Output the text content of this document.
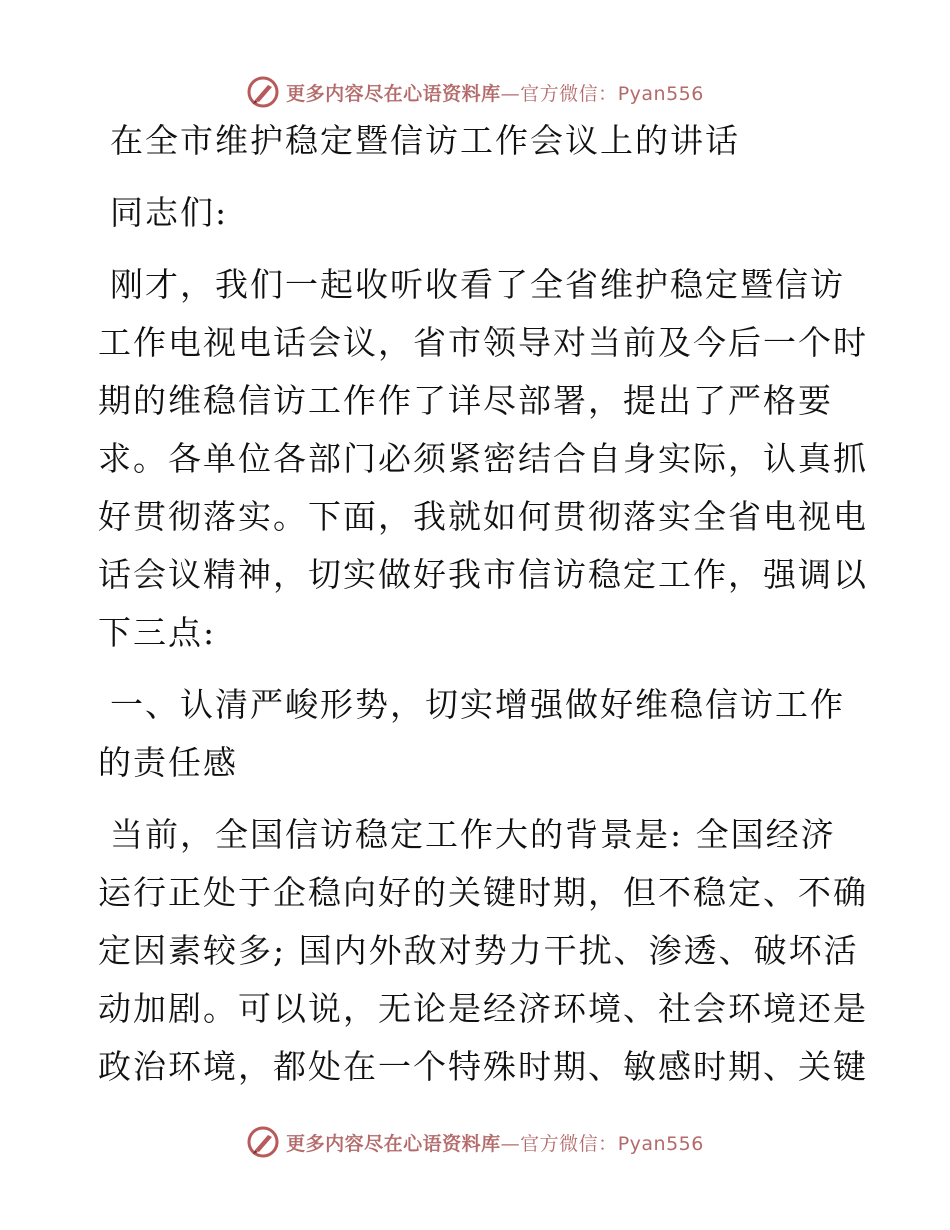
更多内容尽在心语资料库—官方微信：Pyan556
在全市维护稳定暨信访工作会议上的讲话
同志们:
刚才，我们一起收听收看了全省维护稳定暨信访
工作电视电话会议，省市领导对当前及今后一个时
期的维稳信访工作作了详尽部署，提出了严格要
求。各单位各部门必须紧密结合自身实际，认真抓
好贯彻落实。下面，我就如何贯彻落实全省电视电
话会议精神，切实做好我市信访稳定工作，强调以
下三点:
一、认清严峻形势，切实增强做好维稳信访工作
的责任感
当前，全国信访稳定工作大的背景是: 全国经济
运行正处于企稳向好的关键时期，但不稳定、不确
定因素较多; 国内外敌对势力干扰、渗透、破坏活
动加剧。可以说，无论是经济环境、社会环境还是
政治环境，都处在一个特殊时期、敏感时期、关键
更多内容尽在心语资料库—官方微信：Pyan556
